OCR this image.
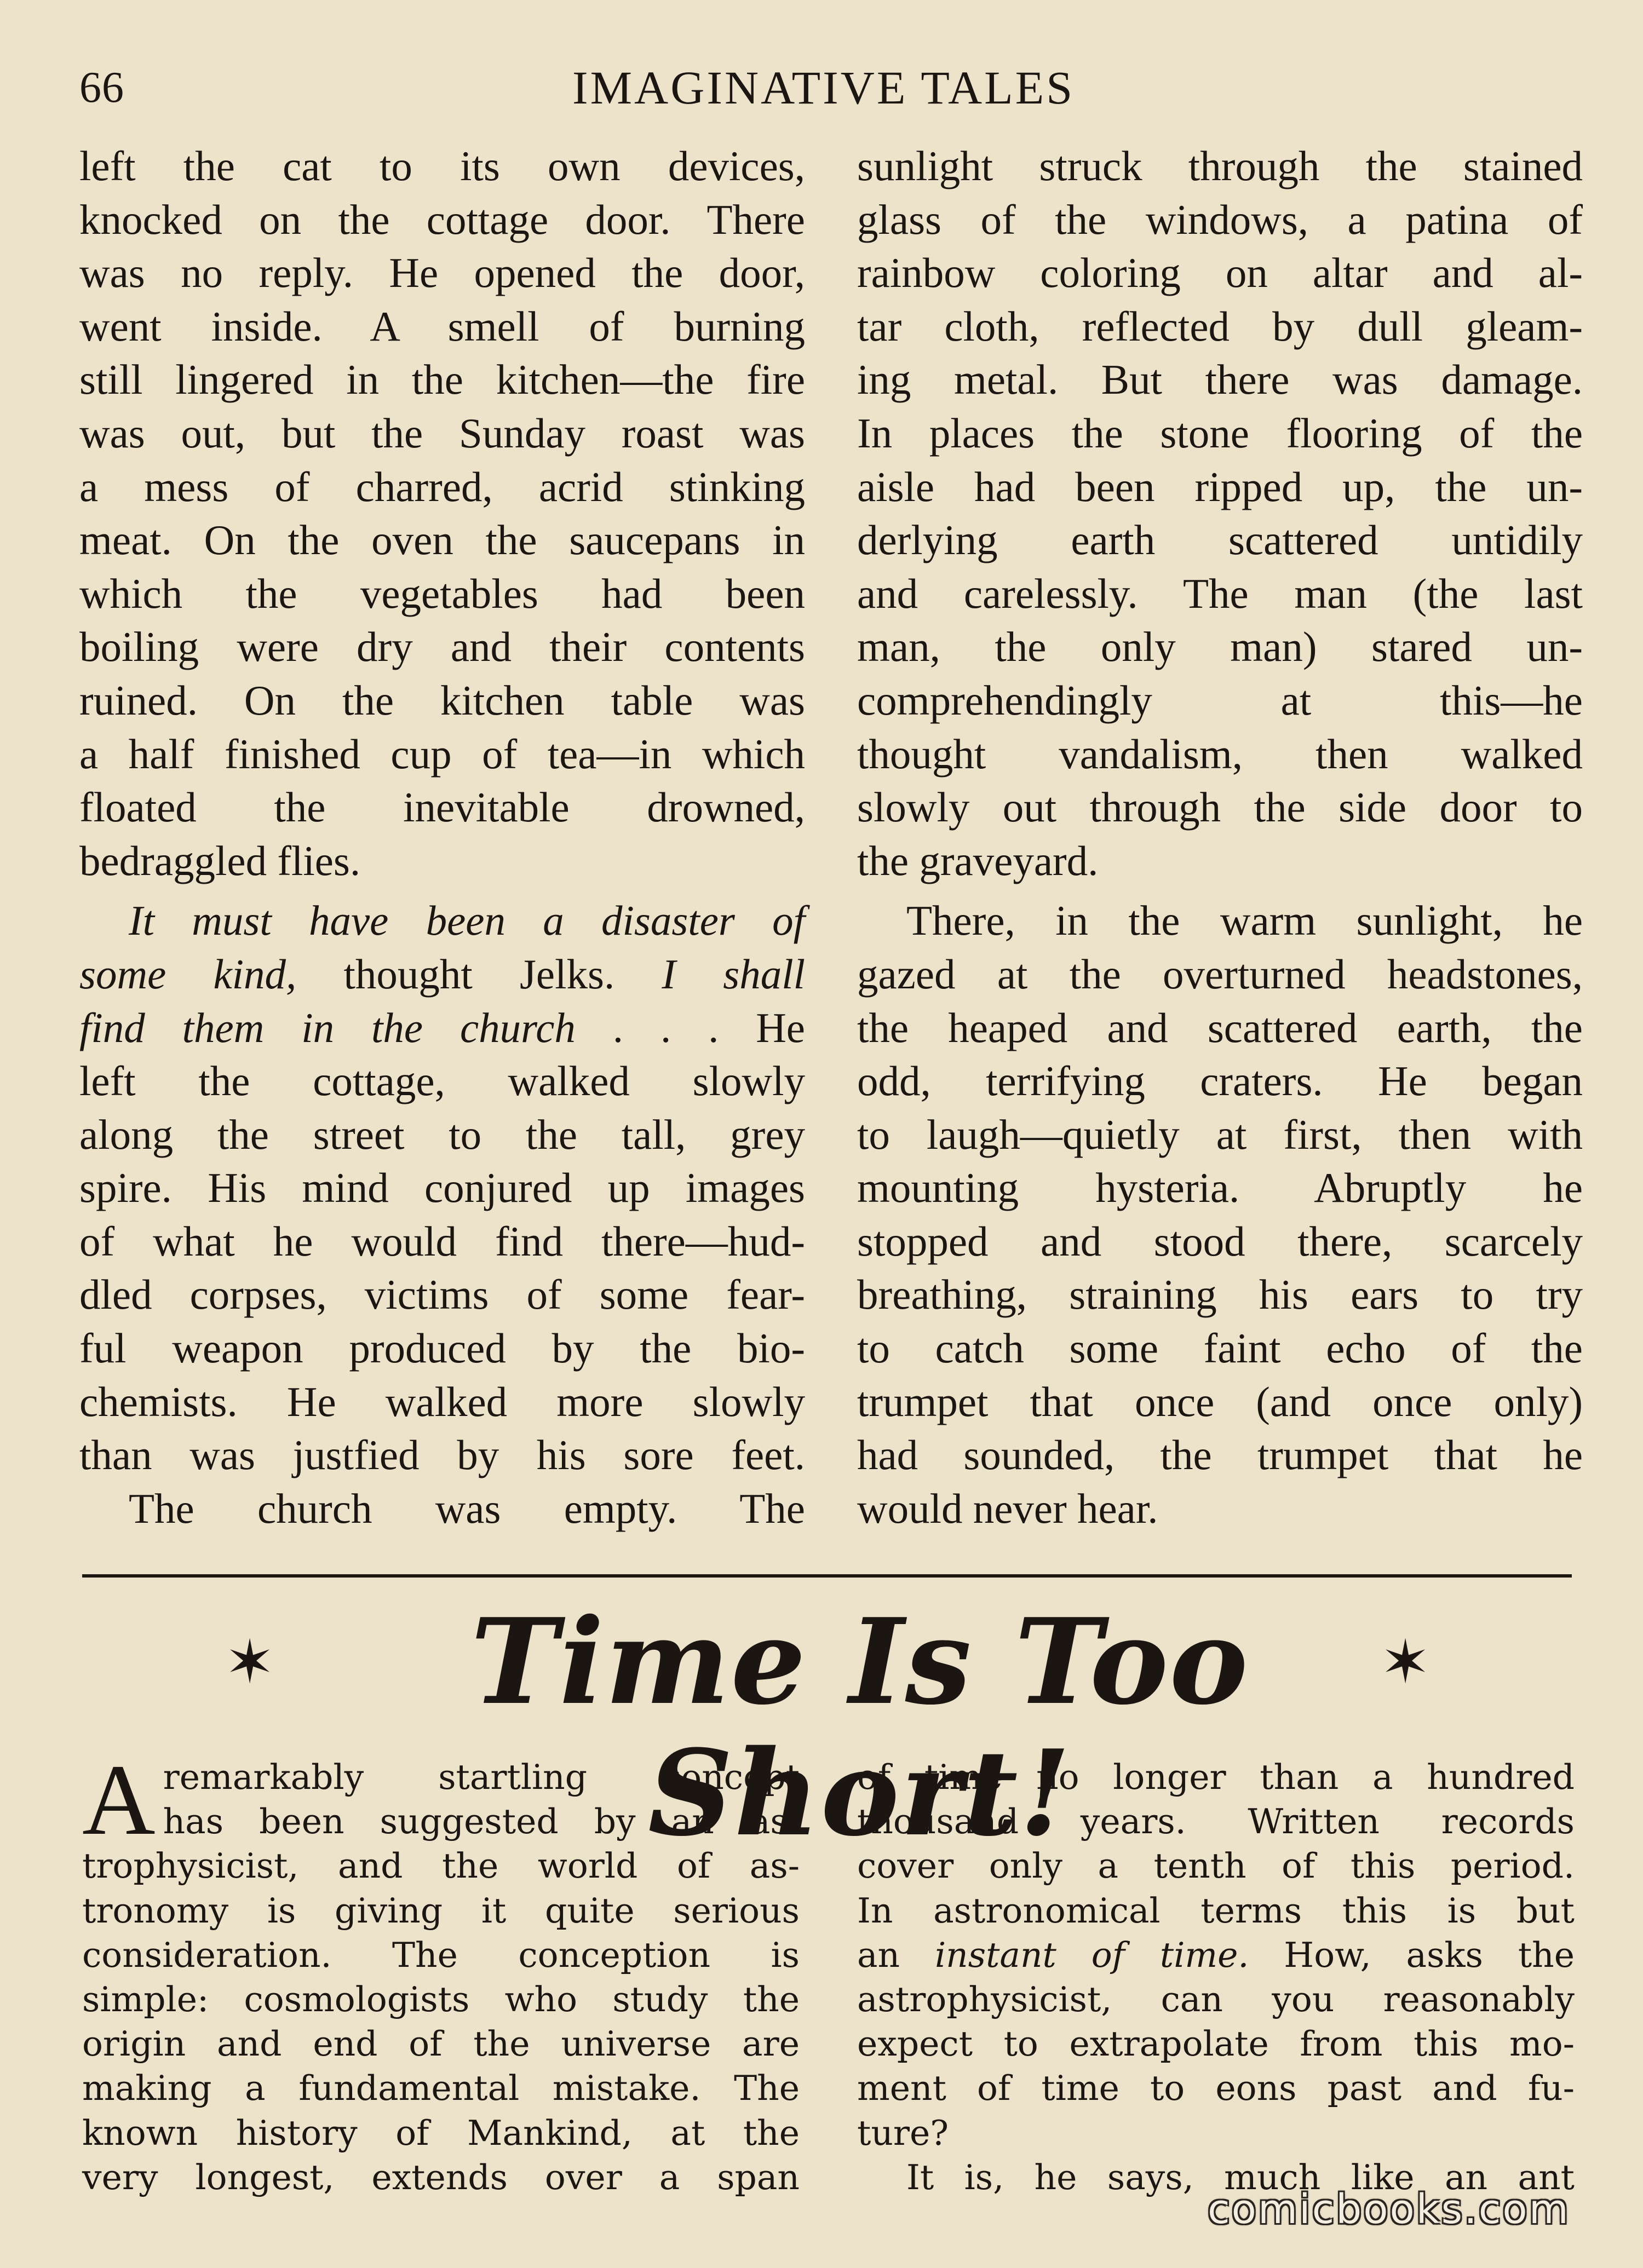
66	IMAGINATIVE TALES

left the cat to its own devices,
knocked on the cottage door. There
was no reply. He opened the door,
went inside. A smell of burning
still lingered in the kitchen—the fire
was out, but the Sunday roast was
a mess of charred, acrid stinking
meat. On the oven the saucepans in
which the vegetables had been
boiling were dry and their contents
ruined. On the kitchen table was
a half finished cup of tea—in which
floated the inevitable drowned,
bedraggled flies.

It must have been a disaster of
some kind, thought Jelks. I shall
find them in the church . . . He
left the cottage, walked slowly
along the street to the tall, grey
spire. His mind conjured up images
of what he would find there—hud-
dled corpses, victims of some fear-
ful weapon produced by the bio-
chemists. He walked more slowly
than was justfied by his sore feet.
The church was empty. The

sunlight struck through the stained
glass of the windows, a patina of
rainbow coloring on altar and al-
tar cloth, reflected by dull gleam-
ing metal. But there was damage.
In places the stone flooring of the
aisle had been ripped up, the un-
derlying earth scattered untidily
and carelessly. The man (the last
man, the only man) stared un-
comprehendingly at this—he
thought vandalism, then walked
slowly out through the side door to
the graveyard.

There, in the warm sunlight, he
gazed at the overturned headstones,
the heaped and scattered earth, the
odd, terrifying craters. He began
to laugh—quietly at first, then with
mounting hysteria. Abruptly he
stopped and stood there, scarcely
breathing, straining his ears to try
to catch some faint echo of the
trumpet that once (and once only)
had sounded, the trumpet that he
would never hear.

✶	Time Is Too Short!
✶
A remarkably startling concept
has been suggested by an as-
trophysicist, and the world of as-
tronomy is giving it quite serious
consideration. The conception is
simple: cosmologists who study the
origin and end of the universe are
making a fundamental mistake. The
known history of Mankind, at the
very longest, extends over a span
of time no longer than a hundred
thousand years. Written records
cover only a tenth of this period.
In astronomical terms this is but
an instant of time. How, asks the
astrophysicist, can you reasonably
expect to extrapolate from this mo-
ment of time to eons past and fu-
ture?
It is, he says, much like an ant
comicbooks.com
